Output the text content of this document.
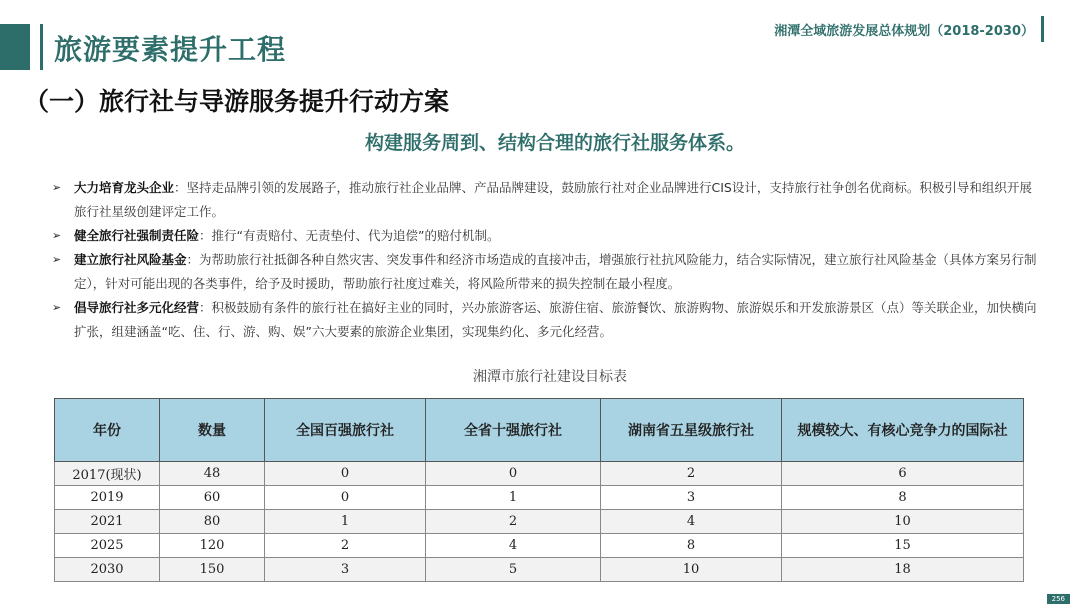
旅游要素提升工程
湘潭全域旅游发展总体规划（2018-2030）
（一）旅行社与导游服务提升行动方案
构建服务周到、结构合理的旅行社服务体系。
➢ 大力培育龙头企业：坚持走品牌引领的发展路子，推动旅行社企业品牌、产品品牌建设，鼓励旅行社对企业品牌进行CIS设计，支持旅行社争创名优商标。积极引导和组织开展旅行社星级创建评定工作。
➢ 健全旅行社强制责任险：推行“有责赔付、无责垫付、代为追偿”的赔付机制。
➢ 建立旅行社风险基金：为帮助旅行社抵御各种自然灾害、突发事件和经济市场造成的直接冲击，增强旅行社抗风险能力，结合实际情况，建立旅行社风险基金（具体方案另行制定），针对可能出现的各类事件，给予及时援助，帮助旅行社度过难关，将风险所带来的损失控制在最小程度。
➢ 倡导旅行社多元化经营：积极鼓励有条件的旅行社在搞好主业的同时，兴办旅游客运、旅游住宿、旅游餐饮、旅游购物、旅游娱乐和开发旅游景区（点）等关联企业，加快横向扩张，组建涵盖“吃、住、行、游、购、娱”六大要素的旅游企业集团，实现集约化、多元化经营。
湘潭市旅行社建设目标表
年份	数量	全国百强旅行社	全省十强旅行社	湖南省五星级旅行社	规模较大、有核心竞争力的国际社
2017(现状)	48	0	0	2	6
2019	60	0	1	3	8
2021	80	1	2	4	10
2025	120	2	4	8	15
2030	150	3	5	10	18
256
